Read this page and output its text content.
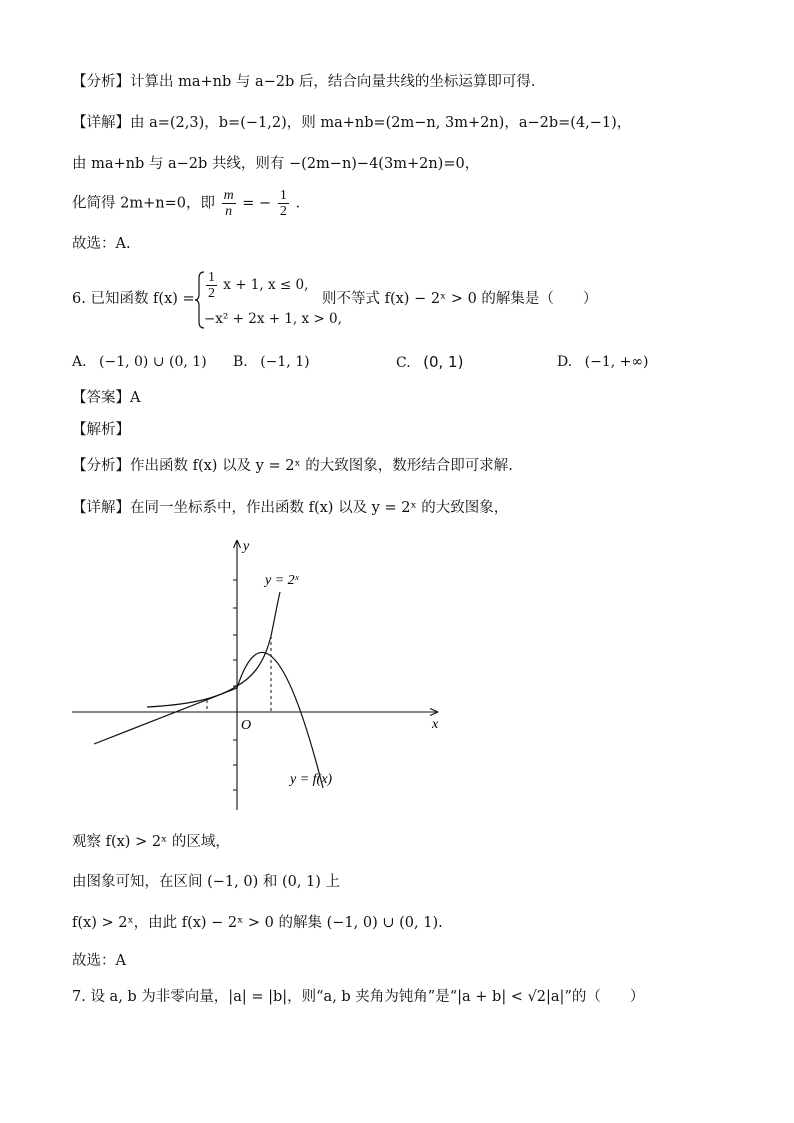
【分析】计算出 ma+nb 与 a−2b 后，结合向量共线的坐标运算即可得.
【详解】由 a=(2,3)，b=(−1,2)，则 ma+nb=(2m−n, 3m+2n)，a−2b=(4,−1)，
由 ma+nb 与 a−2b 共线，则有 −(2m−n)−4(3m+2n)=0，
化简得 2m+n=0，即 $\frac{m}{n}$ = − $\frac{1}{2}$ .
故选：A.
6. 已知函数 $f(x) = \frac{1}{2}$ x + 1, x ≤ 0,
−x² + 2x + 1, x > 0,
则不等式 f(x) − 2ˣ > 0 的解集是（　　）
A. (−1, 0) ∪ (0, 1) B. (−1, 1)	C. (0, 1)	D. (−1, +∞)
【答案】A
【解析】
【分析】作出函数 f(x) 以及 y = 2ˣ 的大致图象，数形结合即可求解.
【详解】在同一坐标系中，作出函数 f(x) 以及 y = 2ˣ 的大致图象，
y
x
O
y = 2ˣ
y = f(x)
观察 f(x) > 2ˣ 的区域，
由图象可知，在区间 (−1, 0) 和 (0, 1) 上
f(x) > 2ˣ，由此 f(x) − 2ˣ > 0 的解集 (−1, 0) ∪ (0, 1).
故选：A
7. 设 a, b 为非零向量，|a| = |b|，则“a, b 夹角为钝角”是“|a + b| < √2|a|”的（　　）
